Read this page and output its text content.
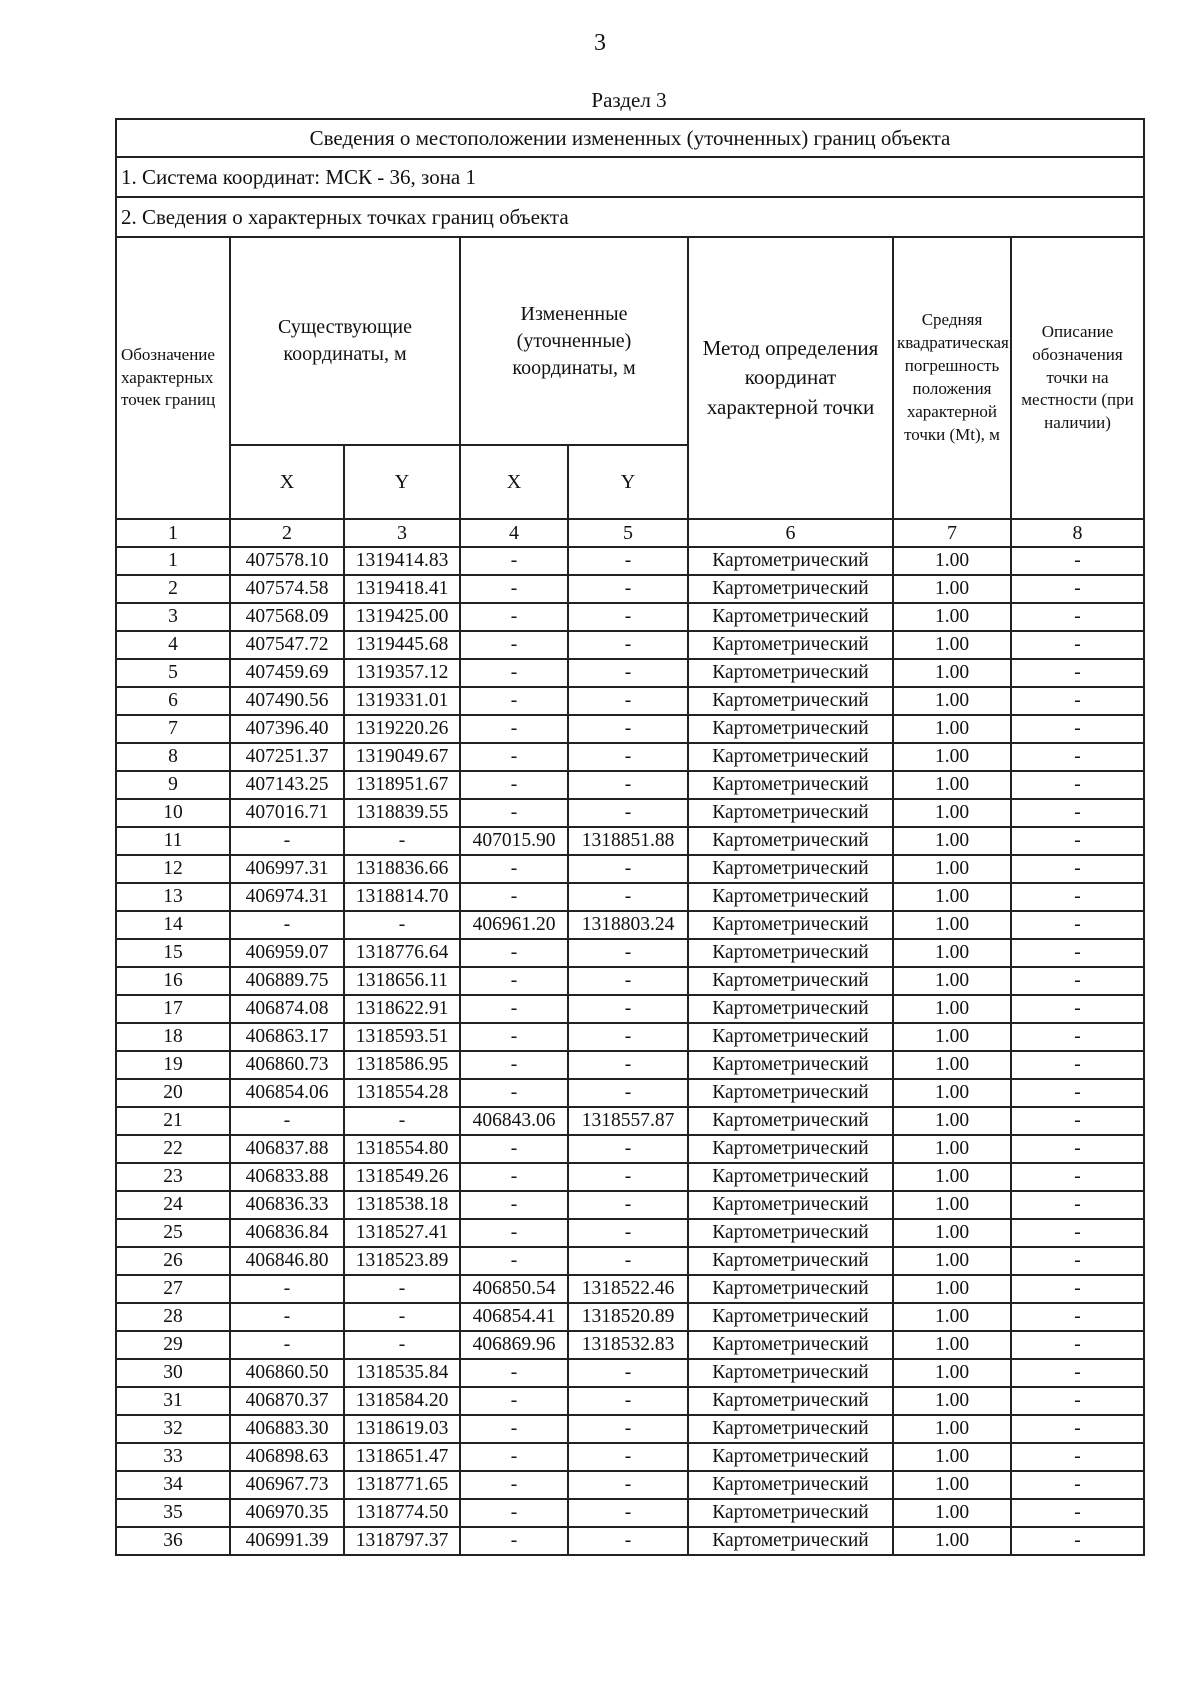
3
Раздел 3
Сведения о местоположении измененных (уточненных) границ объекта							
1. Система координат: МСК - 36, зона 1							
2. Сведения о характерных точках границ объекта							
Обозначение характерных точек границ	Существующие координаты, м		Измененные (уточненные) координаты, м		Метод определения координат характерной точки	Средняя квадратическая погрешность положения характерной точки (Mt), м	Описание обозначения точки на местности (при наличии)
	X	Y	X	Y			
1	2	3	4	5	6	7	8
1	407578.10	1319414.83	-	-	Картометрический	1.00	-
2	407574.58	1319418.41	-	-	Картометрический	1.00	-
3	407568.09	1319425.00	-	-	Картометрический	1.00	-
4	407547.72	1319445.68	-	-	Картометрический	1.00	-
5	407459.69	1319357.12	-	-	Картометрический	1.00	-
6	407490.56	1319331.01	-	-	Картометрический	1.00	-
7	407396.40	1319220.26	-	-	Картометрический	1.00	-
8	407251.37	1319049.67	-	-	Картометрический	1.00	-
9	407143.25	1318951.67	-	-	Картометрический	1.00	-
10	407016.71	1318839.55	-	-	Картометрический	1.00	-
11	-	-	407015.90	1318851.88	Картометрический	1.00	-
12	406997.31	1318836.66	-	-	Картометрический	1.00	-
13	406974.31	1318814.70	-	-	Картометрический	1.00	-
14	-	-	406961.20	1318803.24	Картометрический	1.00	-
15	406959.07	1318776.64	-	-	Картометрический	1.00	-
16	406889.75	1318656.11	-	-	Картометрический	1.00	-
17	406874.08	1318622.91	-	-	Картометрический	1.00	-
18	406863.17	1318593.51	-	-	Картометрический	1.00	-
19	406860.73	1318586.95	-	-	Картометрический	1.00	-
20	406854.06	1318554.28	-	-	Картометрический	1.00	-
21	-	-	406843.06	1318557.87	Картометрический	1.00	-
22	406837.88	1318554.80	-	-	Картометрический	1.00	-
23	406833.88	1318549.26	-	-	Картометрический	1.00	-
24	406836.33	1318538.18	-	-	Картометрический	1.00	-
25	406836.84	1318527.41	-	-	Картометрический	1.00	-
26	406846.80	1318523.89	-	-	Картометрический	1.00	-
27	-	-	406850.54	1318522.46	Картометрический	1.00	-
28	-	-	406854.41	1318520.89	Картометрический	1.00	-
29	-	-	406869.96	1318532.83	Картометрический	1.00	-
30	406860.50	1318535.84	-	-	Картометрический	1.00	-
31	406870.37	1318584.20	-	-	Картометрический	1.00	-
32	406883.30	1318619.03	-	-	Картометрический	1.00	-
33	406898.63	1318651.47	-	-	Картометрический	1.00	-
34	406967.73	1318771.65	-	-	Картометрический	1.00	-
35	406970.35	1318774.50	-	-	Картометрический	1.00	-
36	406991.39	1318797.37	-	-	Картометрический	1.00	-
